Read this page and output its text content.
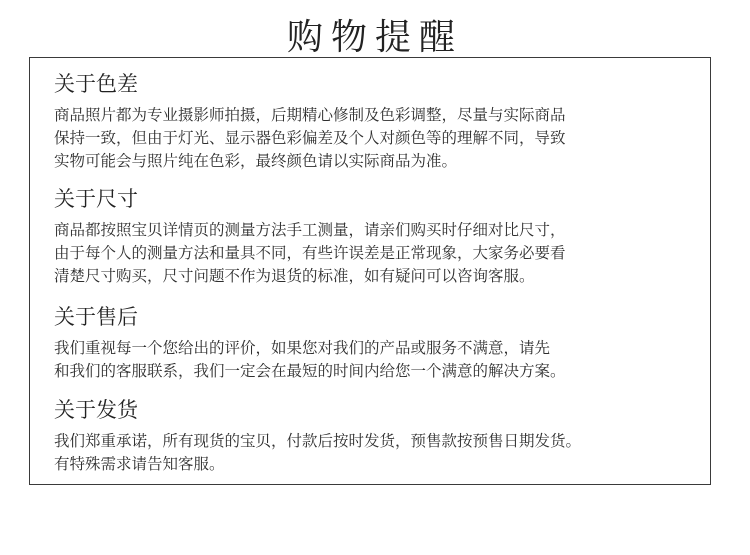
购物提醒
关于色差
商品照片都为专业摄影师拍摄，后期精心修制及色彩调整，尽量与实际商品
保持一致，但由于灯光、显示器色彩偏差及个人对颜色等的理解不同，导致
实物可能会与照片纯在色彩，最终颜色请以实际商品为准。
关于尺寸
商品都按照宝贝详情页的测量方法手工测量，请亲们购买时仔细对比尺寸，
由于每个人的测量方法和量具不同，有些许误差是正常现象，大家务必要看
清楚尺寸购买，尺寸问题不作为退货的标准，如有疑问可以咨询客服。
关于售后
我们重视每一个您给出的评价，如果您对我们的产品或服务不满意，请先
和我们的客服联系，我们一定会在最短的时间内给您一个满意的解决方案。
关于发货
我们郑重承诺，所有现货的宝贝，付款后按时发货，预售款按预售日期发货。
有特殊需求请告知客服。
